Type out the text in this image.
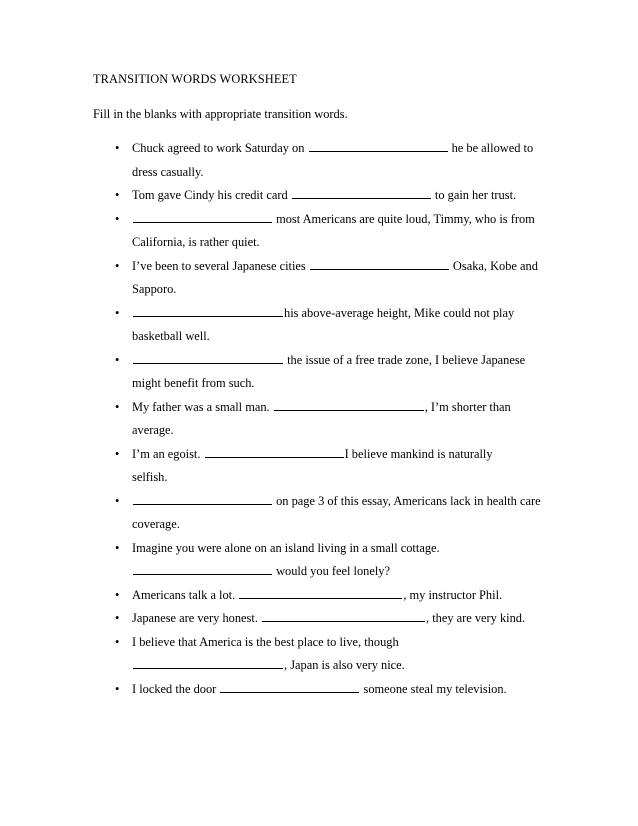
TRANSITION WORDS WORKSHEET
Fill in the blanks with appropriate transition words.
• Chuck agreed to work Saturday on	he be allowed to
dress casually.
• Tom gave Cindy his credit card	to gain her trust.
•	most Americans are quite loud, Timmy, who is from
California, is rather quiet.
• I’ve been to several Japanese cities	Osaka, Kobe and
Sapporo.
•	his above-average height, Mike could not play
basketball well.
•	the issue of a free trade zone, I believe Japanese
might benefit from such.
• My father was a small man.	, I’m shorter than
average.
• I’m an egoist.	I believe mankind is naturally
selfish.
•	on page 3 of this essay, Americans lack in health care
coverage.
• Imagine you were alone on an island living in a small cottage.
would you feel lonely?
• Americans talk a lot.	, my instructor Phil.
• Japanese are very honest.	, they are very kind.
• I believe that America is the best place to live, though
, Japan is also very nice.
• I locked the door	someone steal my television.
